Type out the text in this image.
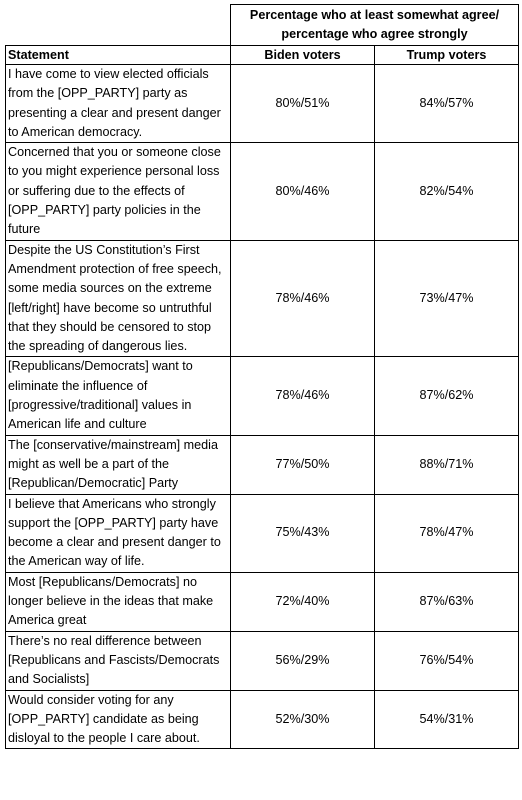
	Percentage who at least somewhat agree/
percentage who agree strongly	
Statement	Biden voters	Trump voters
I have come to view elected officials from the [OPP_PARTY] party as presenting a clear and present danger to American democracy.	80%/51%	84%/57%
Concerned that you or someone close to you might experience personal loss or suffering due to the effects of [OPP_PARTY] party policies in the future	80%/46%	82%/54%
Despite the US Constitution’s First Amendment protection of free speech, some media sources on the extreme [left/right] have become so untruthful that they should be censored to stop the spreading of dangerous lies.	78%/46%	73%/47%
[Republicans/Democrats] want to eliminate the influence of [progressive/traditional] values in American life and culture	78%/46%	87%/62%
The [conservative/mainstream] media might as well be a part of the [Republican/Democratic] Party	77%/50%	88%/71%
I believe that Americans who strongly support the [OPP_PARTY] party have become a clear and present danger to the American way of life.	75%/43%	78%/47%
Most [Republicans/Democrats] no longer believe in the ideas that make America great	72%/40%	87%/63%
There’s no real difference between [Republicans and Fascists/Democrats and Socialists]	56%/29%	76%/54%
Would consider voting for any [OPP_PARTY] candidate as being disloyal to the people I care about.	52%/30%	54%/31%
